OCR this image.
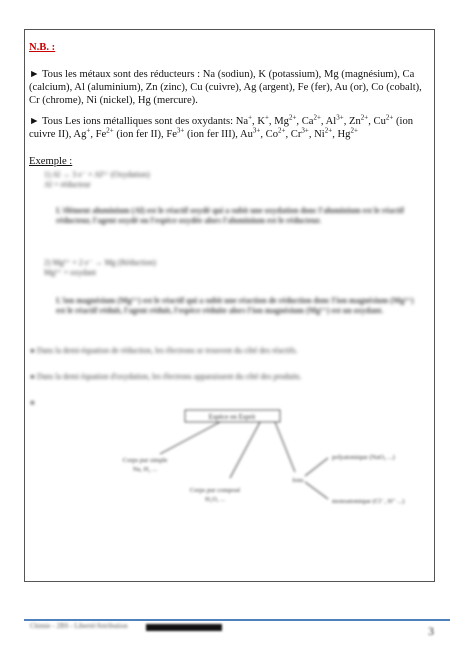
N.B. :
► Tous les métaux sont des réducteurs : Na (sodiun), K (potassium), Mg (magnésium), Ca (calcium), Al (aluminium), Zn (zinc), Cu (cuivre), Ag (argent), Fe (fer), Au (or), Co (cobalt), Cr (chrome), Ni (nickel), Hg (mercure).
► Tous Les ions métalliques sont des oxydants: Na+, K+, $Mg^{2+}$, $Ca^{2+}$, $Al^{3+}$, $Zn^{2+}$, $Cu^{2+}$ (ion cuivre II), Ag+, $Fe^{2+}$ (ion fer II), $Fe^{3+}$ (ion fer III), $Au^{3+}$, $Co^{2+}$, $Cr^{3+}$, $Ni^{2+}$, $Hg^{2+}$
Exemple :
1) Al → 3 e⁻ + Al³⁺ (Oxydation)
Al = réducteur
L'élément aluminium (Al) est le réactif oxydé qui a subit une oxydation donc l'aluminium est le réactif réducteur, l'agent oxydé ou l'espèce oxydée alors l'aluminium est le réducteur.
2) Mg²⁺ + 2 e⁻ → Mg (Réduction)
Mg²⁺ = oxydant
L'ion magnésium (Mg²⁺) est le réactif qui a subit une réaction de réduction donc l'ion magnésium (Mg²⁺) est le réactif réduit, l'agent réduit, l'espèce réduite alors l'ion magnésium (Mg²⁺) est un oxydant.
● Dans la demi-équation de réduction, les électrons se trouvent du côté des réactifs.
● Dans la demi équation d'oxydation, les électrons apparaissent du côté des produits.
●
Espèce en Esprit
Corps pur simple
Na, H₂ ...
Corps pur composé
H₂O, ...
Ions
polyatomique (NaO₃ ...)
monoatomique (Cl⁻, H⁺ ...)
Chimie - 2BS - Liberté/Attribution	3
